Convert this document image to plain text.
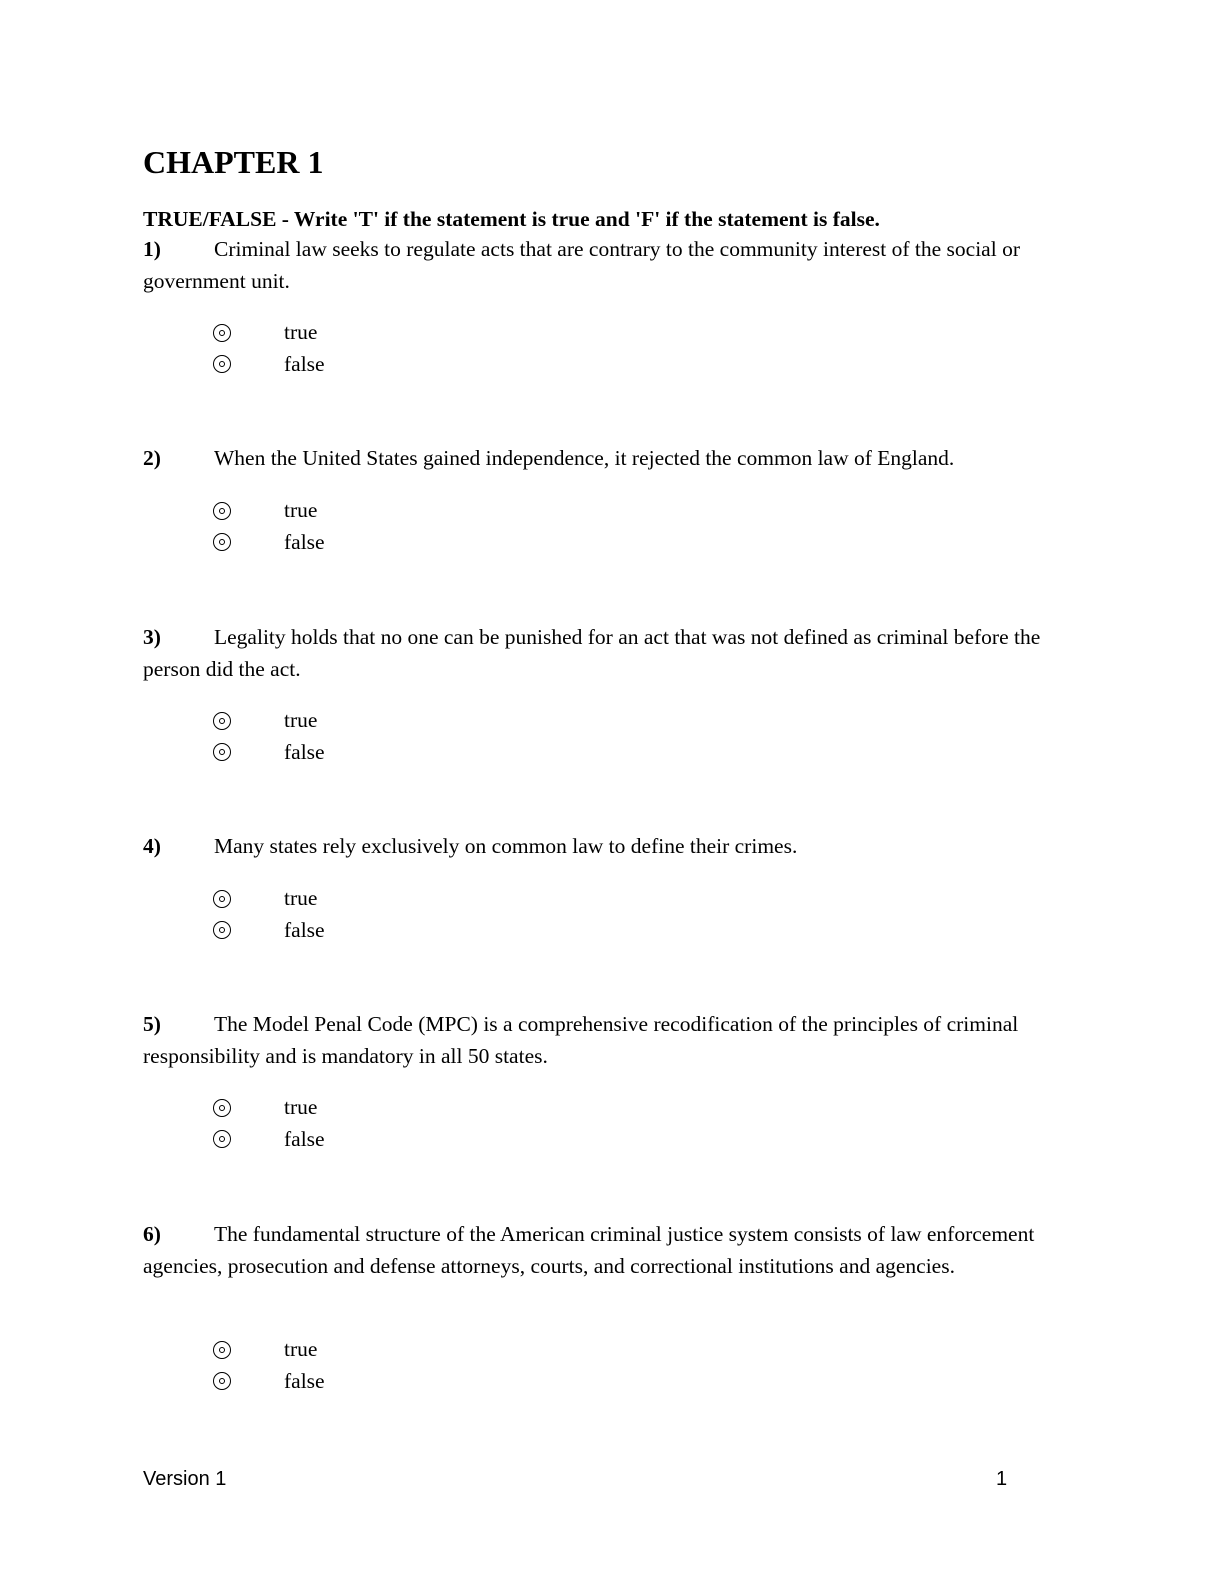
CHAPTER 1

TRUE/FALSE - Write 'T' if the statement is true and 'F' if the statement is false.

1) Criminal law seeks to regulate acts that are contrary to the community interest of the social or government unit.

true
false

2) When the United States gained independence, it rejected the common law of England.

true
false

3) Legality holds that no one can be punished for an act that was not defined as criminal before the person did the act.

true
false

4) Many states rely exclusively on common law to define their crimes.

true
false

5) The Model Penal Code (MPC) is a comprehensive recodification of the principles of criminal responsibility and is mandatory in all 50 states.

true
false

6) The fundamental structure of the American criminal justice system consists of law enforcement agencies, prosecution and defense attorneys, courts, and correctional institutions and agencies.

true
false
Version 1	1
